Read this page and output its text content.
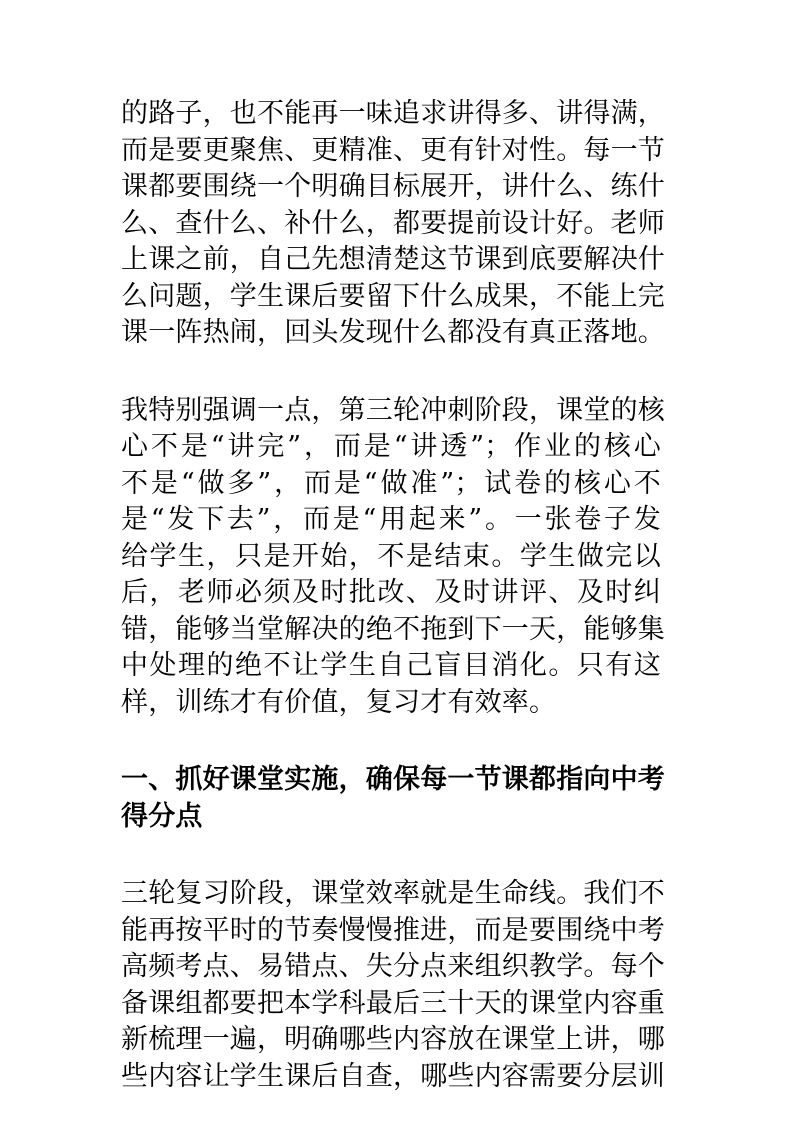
的路子，也不能再一味追求讲得多、讲得满，
而是要更聚焦、更精准、更有针对性。每一节
课都要围绕一个明确目标展开，讲什么、练什
么、查什么、补什么，都要提前设计好。老师
上课之前，自己先想清楚这节课到底要解决什
么问题，学生课后要留下什么成果，不能上完
课一阵热闹，回头发现什么都没有真正落地。

我特别强调一点，第三轮冲刺阶段，课堂的核
心不是“讲完”，而是“讲透”；作业的核心
不是“做多”，而是“做准”；试卷的核心不
是“发下去”，而是“用起来”。一张卷子发
给学生，只是开始，不是结束。学生做完以
后，老师必须及时批改、及时讲评、及时纠
错，能够当堂解决的绝不拖到下一天，能够集
中处理的绝不让学生自己盲目消化。只有这
样，训练才有价值，复习才有效率。

一、抓好课堂实施，确保每一节课都指向中考
得分点

三轮复习阶段，课堂效率就是生命线。我们不
能再按平时的节奏慢慢推进，而是要围绕中考
高频考点、易错点、失分点来组织教学。每个
备课组都要把本学科最后三十天的课堂内容重
新梳理一遍，明确哪些内容放在课堂上讲，哪
些内容让学生课后自查，哪些内容需要分层训
